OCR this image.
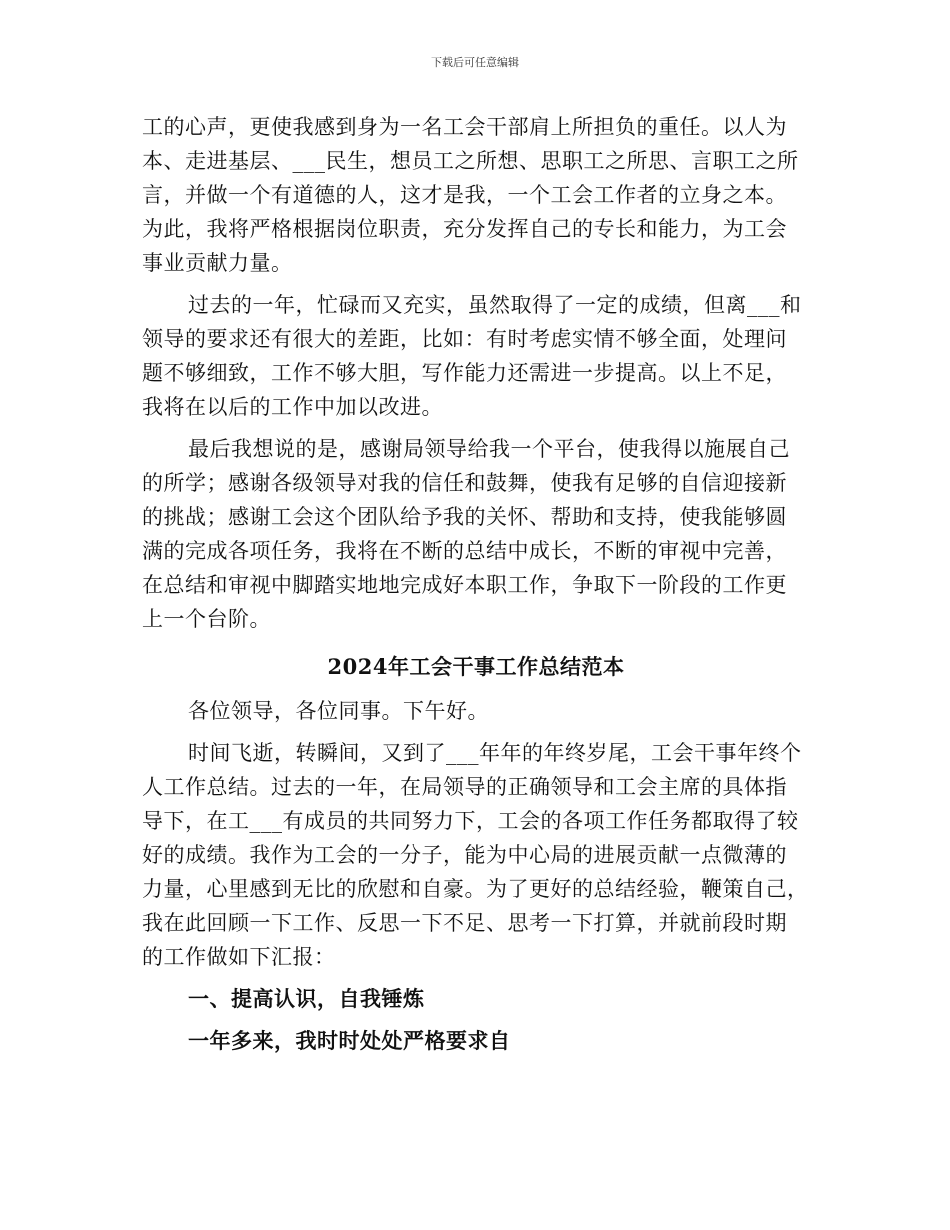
下载后可任意编辑
工的心声，更使我感到身为一名工会干部肩上所担负的重任。以人为
本、走进基层、___民生，想员工之所想、思职工之所思、言职工之所
言，并做一个有道德的人，这才是我，一个工会工作者的立身之本。
为此，我将严格根据岗位职责，充分发挥自己的专长和能力，为工会
事业贡献力量。
过去的一年，忙碌而又充实，虽然取得了一定的成绩，但离___和
领导的要求还有很大的差距，比如：有时考虑实情不够全面，处理问
题不够细致，工作不够大胆，写作能力还需进一步提高。以上不足，
我将在以后的工作中加以改进。
最后我想说的是，感谢局领导给我一个平台，使我得以施展自己
的所学；感谢各级领导对我的信任和鼓舞，使我有足够的自信迎接新
的挑战；感谢工会这个团队给予我的关怀、帮助和支持，使我能够圆
满的完成各项任务，我将在不断的总结中成长，不断的审视中完善，
在总结和审视中脚踏实地地完成好本职工作，争取下一阶段的工作更
上一个台阶。
2024年工会干事工作总结范本
各位领导，各位同事。下午好。
时间飞逝，转瞬间，又到了___年年的年终岁尾，工会干事年终个
人工作总结。过去的一年，在局领导的正确领导和工会主席的具体指
导下，在工___有成员的共同努力下，工会的各项工作任务都取得了较
好的成绩。我作为工会的一分子，能为中心局的进展贡献一点微薄的
力量，心里感到无比的欣慰和自豪。为了更好的总结经验，鞭策自己，
我在此回顾一下工作、反思一下不足、思考一下打算，并就前段时期
的工作做如下汇报：
一、提高认识，自我锤炼
一年多来，我时时处处严格要求自
